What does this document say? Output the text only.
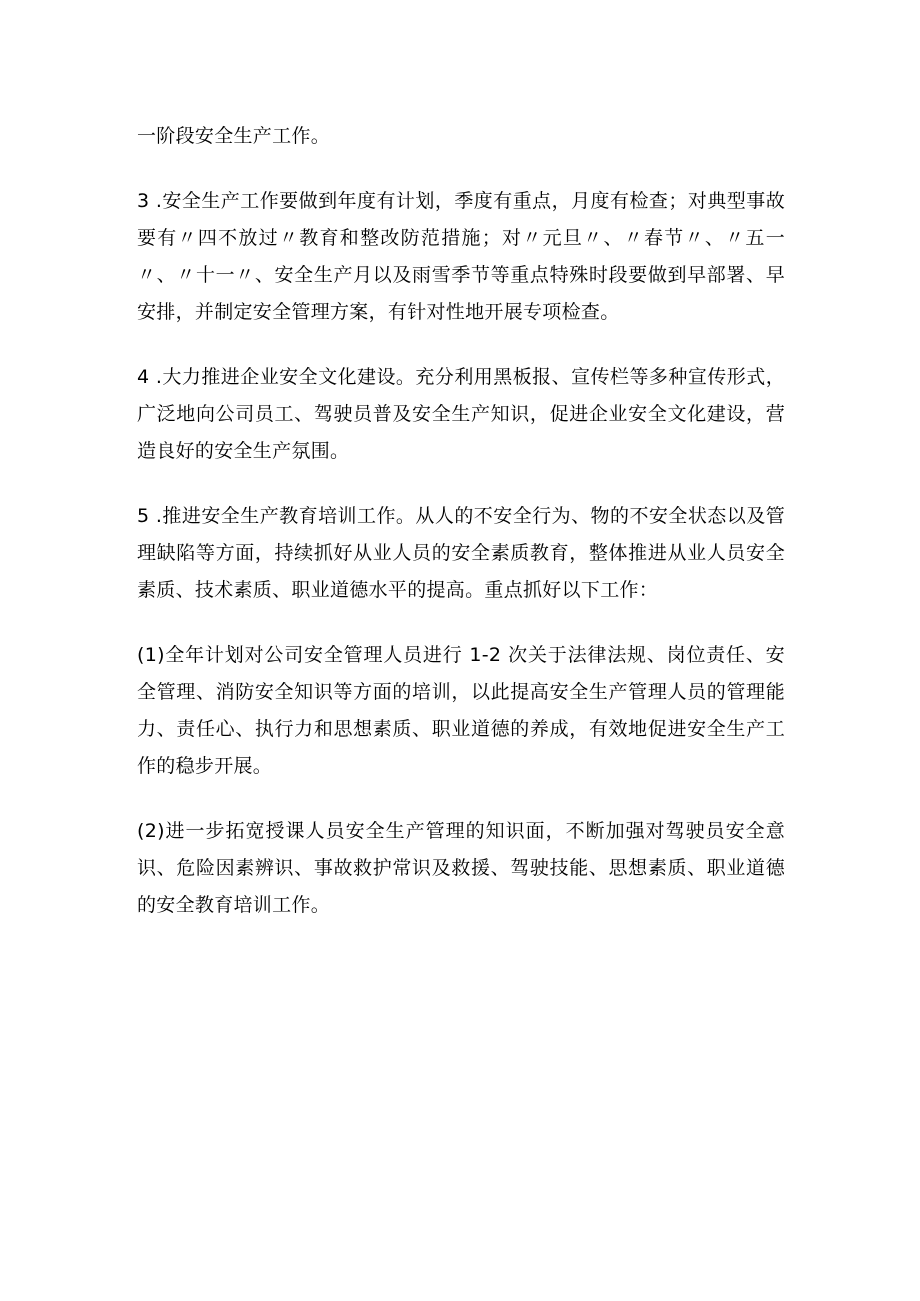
一阶段安全生产工作。

3 .安全生产工作要做到年度有计划，季度有重点，月度有检查；对典型事故要有〃四不放过〃教育和整改防范措施；对〃元旦〃、〃春节〃、〃五一〃、〃十一〃、安全生产月以及雨雪季节等重点特殊时段要做到早部署、早安排，并制定安全管理方案，有针对性地开展专项检查。

4 .大力推进企业安全文化建设。充分利用黑板报、宣传栏等多种宣传形式，广泛地向公司员工、驾驶员普及安全生产知识，促进企业安全文化建设，营造良好的安全生产氛围。

5 .推进安全生产教育培训工作。从人的不安全行为、物的不安全状态以及管理缺陷等方面，持续抓好从业人员的安全素质教育，整体推进从业人员安全素质、技术素质、职业道德水平的提高。重点抓好以下工作：

(1)全年计划对公司安全管理人员进行 1-2 次关于法律法规、岗位责任、安全管理、消防安全知识等方面的培训，以此提高安全生产管理人员的管理能力、责任心、执行力和思想素质、职业道德的养成，有效地促进安全生产工作的稳步开展。

(2)进一步拓宽授课人员安全生产管理的知识面，不断加强对驾驶员安全意识、危险因素辨识、事故救护常识及救援、驾驶技能、思想素质、职业道德的安全教育培训工作。
